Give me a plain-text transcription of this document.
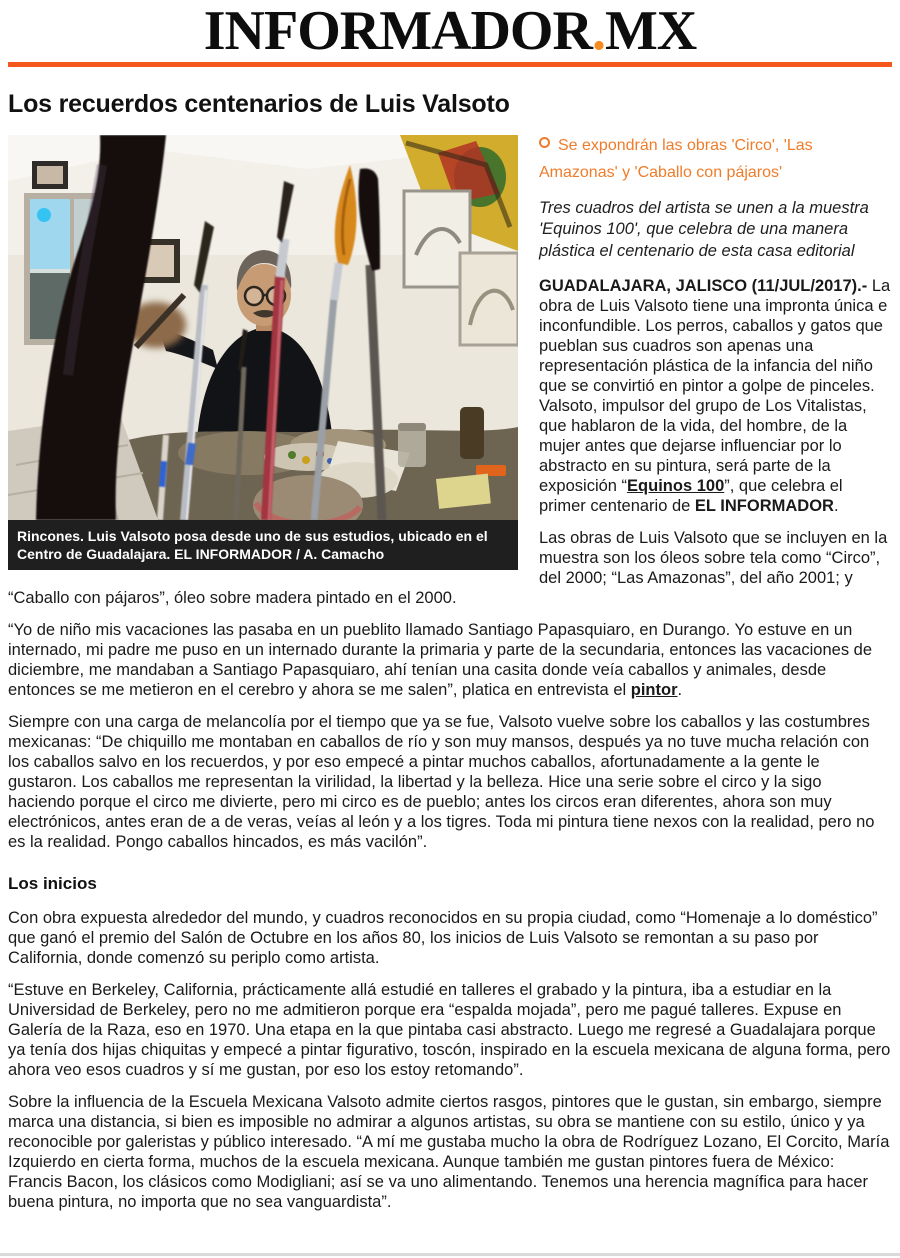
INFORMADOR.MX
Los recuerdos centenarios de Luis Valsoto
Rincones. Luis Valsoto posa desde uno de sus estudios, ubicado en el Centro de Guadalajara. EL INFORMADOR / A. Camacho

Se expondrán las obras 'Circo', 'Las Amazonas' y 'Caballo con pájaros'

Tres cuadros del artista se unen a la muestra 'Equinos 100', que celebra de una manera plástica el centenario de esta casa editorial

GUADALAJARA, JALISCO (11/JUL/2017).- La obra de Luis Valsoto tiene una impronta única e inconfundible. Los perros, caballos y gatos que pueblan sus cuadros son apenas una representación plástica de la infancia del niño que se convirtió en pintor a golpe de pinceles. Valsoto, impulsor del grupo de Los Vitalistas, que hablaron de la vida, del hombre, de la mujer antes que dejarse influenciar por lo abstracto en su pintura, será parte de la exposición “Equinos 100”, que celebra el primer centenario de EL INFORMADOR.

Las obras de Luis Valsoto que se incluyen en la muestra son los óleos sobre tela como “Circo”, del 2000; “Las Amazonas”, del año 2001; y “Caballo con pájaros”, óleo sobre madera pintado en el 2000.

“Yo de niño mis vacaciones las pasaba en un pueblito llamado Santiago Papasquiaro, en Durango. Yo estuve en un internado, mi padre me puso en un internado durante la primaria y parte de la secundaria, entonces las vacaciones de diciembre, me mandaban a Santiago Papasquiaro, ahí tenían una casita donde veía caballos y animales, desde entonces se me metieron en el cerebro y ahora se me salen”, platica en entrevista el pintor.

Siempre con una carga de melancolía por el tiempo que ya se fue, Valsoto vuelve sobre los caballos y las costumbres mexicanas: “De chiquillo me montaban en caballos de río y son muy mansos, después ya no tuve mucha relación con los caballos salvo en los recuerdos, y por eso empecé a pintar muchos caballos, afortunadamente a la gente le gustaron. Los caballos me representan la virilidad, la libertad y la belleza. Hice una serie sobre el circo y la sigo haciendo porque el circo me divierte, pero mi circo es de pueblo; antes los circos eran diferentes, ahora son muy electrónicos, antes eran de a de veras, veías al león y a los tigres. Toda mi pintura tiene nexos con la realidad, pero no es la realidad. Pongo caballos hincados, es más vacilón”.

Los inicios

Con obra expuesta alrededor del mundo, y cuadros reconocidos en su propia ciudad, como “Homenaje a lo doméstico” que ganó el premio del Salón de Octubre en los años 80, los inicios de Luis Valsoto se remontan a su paso por California, donde comenzó su periplo como artista.

“Estuve en Berkeley, California, prácticamente allá estudié en talleres el grabado y la pintura, iba a estudiar en la Universidad de Berkeley, pero no me admitieron porque era “espalda mojada”, pero me pagué talleres. Expuse en Galería de la Raza, eso en 1970. Una etapa en la que pintaba casi abstracto. Luego me regresé a Guadalajara porque ya tenía dos hijas chiquitas y empecé a pintar figurativo, toscón, inspirado en la escuela mexicana de alguna forma, pero ahora veo esos cuadros y sí me gustan, por eso los estoy retomando”.

Sobre la influencia de la Escuela Mexicana Valsoto admite ciertos rasgos, pintores que le gustan, sin embargo, siempre marca una distancia, si bien es imposible no admirar a algunos artistas, su obra se mantiene con su estilo, único y ya reconocible por galeristas y público interesado. “A mí me gustaba mucho la obra de Rodríguez Lozano, El Corcito, María Izquierdo en cierta forma, muchos de la escuela mexicana. Aunque también me gustan pintores fuera de México: Francis Bacon, los clásicos como Modigliani; así se va uno alimentando. Tenemos una herencia magnífica para hacer buena pintura, no importa que no sea vanguardista”.
